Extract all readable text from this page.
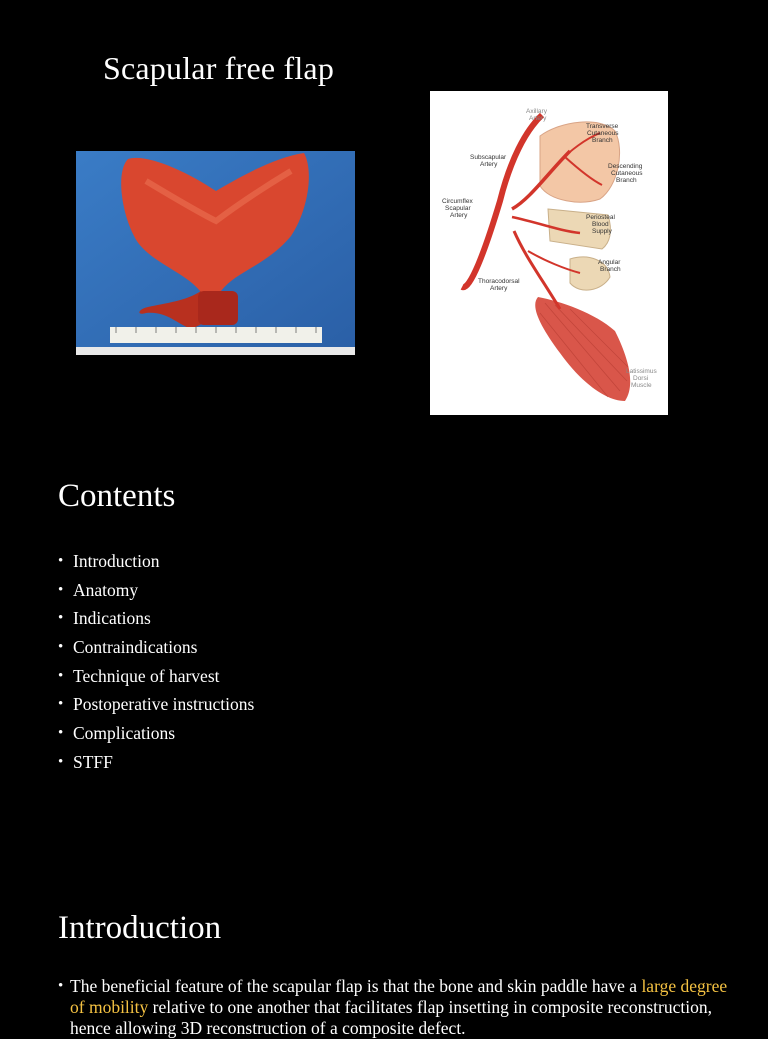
Scapular free flap
Axillary Artery
Transverse Cutaneous Branch
Subscapular Artery	Descending Cutaneous Branch
Circumflex Scapular Artery	Periosteal Blood Supply
Angular Branch
Thoracodorsal Artery
Latissimus Dorsi Muscle
Contents
• Introduction
• Anatomy
• Indications
• Contraindications
• Technique of harvest
• Postoperative instructions
• Complications
• STFF
Introduction
• The beneficial feature of the scapular flap is that the bone and skin paddle have a large degree of mobility relative to one another that facilitates flap insetting in composite reconstruction, hence allowing 3D reconstruction of a composite defect.
